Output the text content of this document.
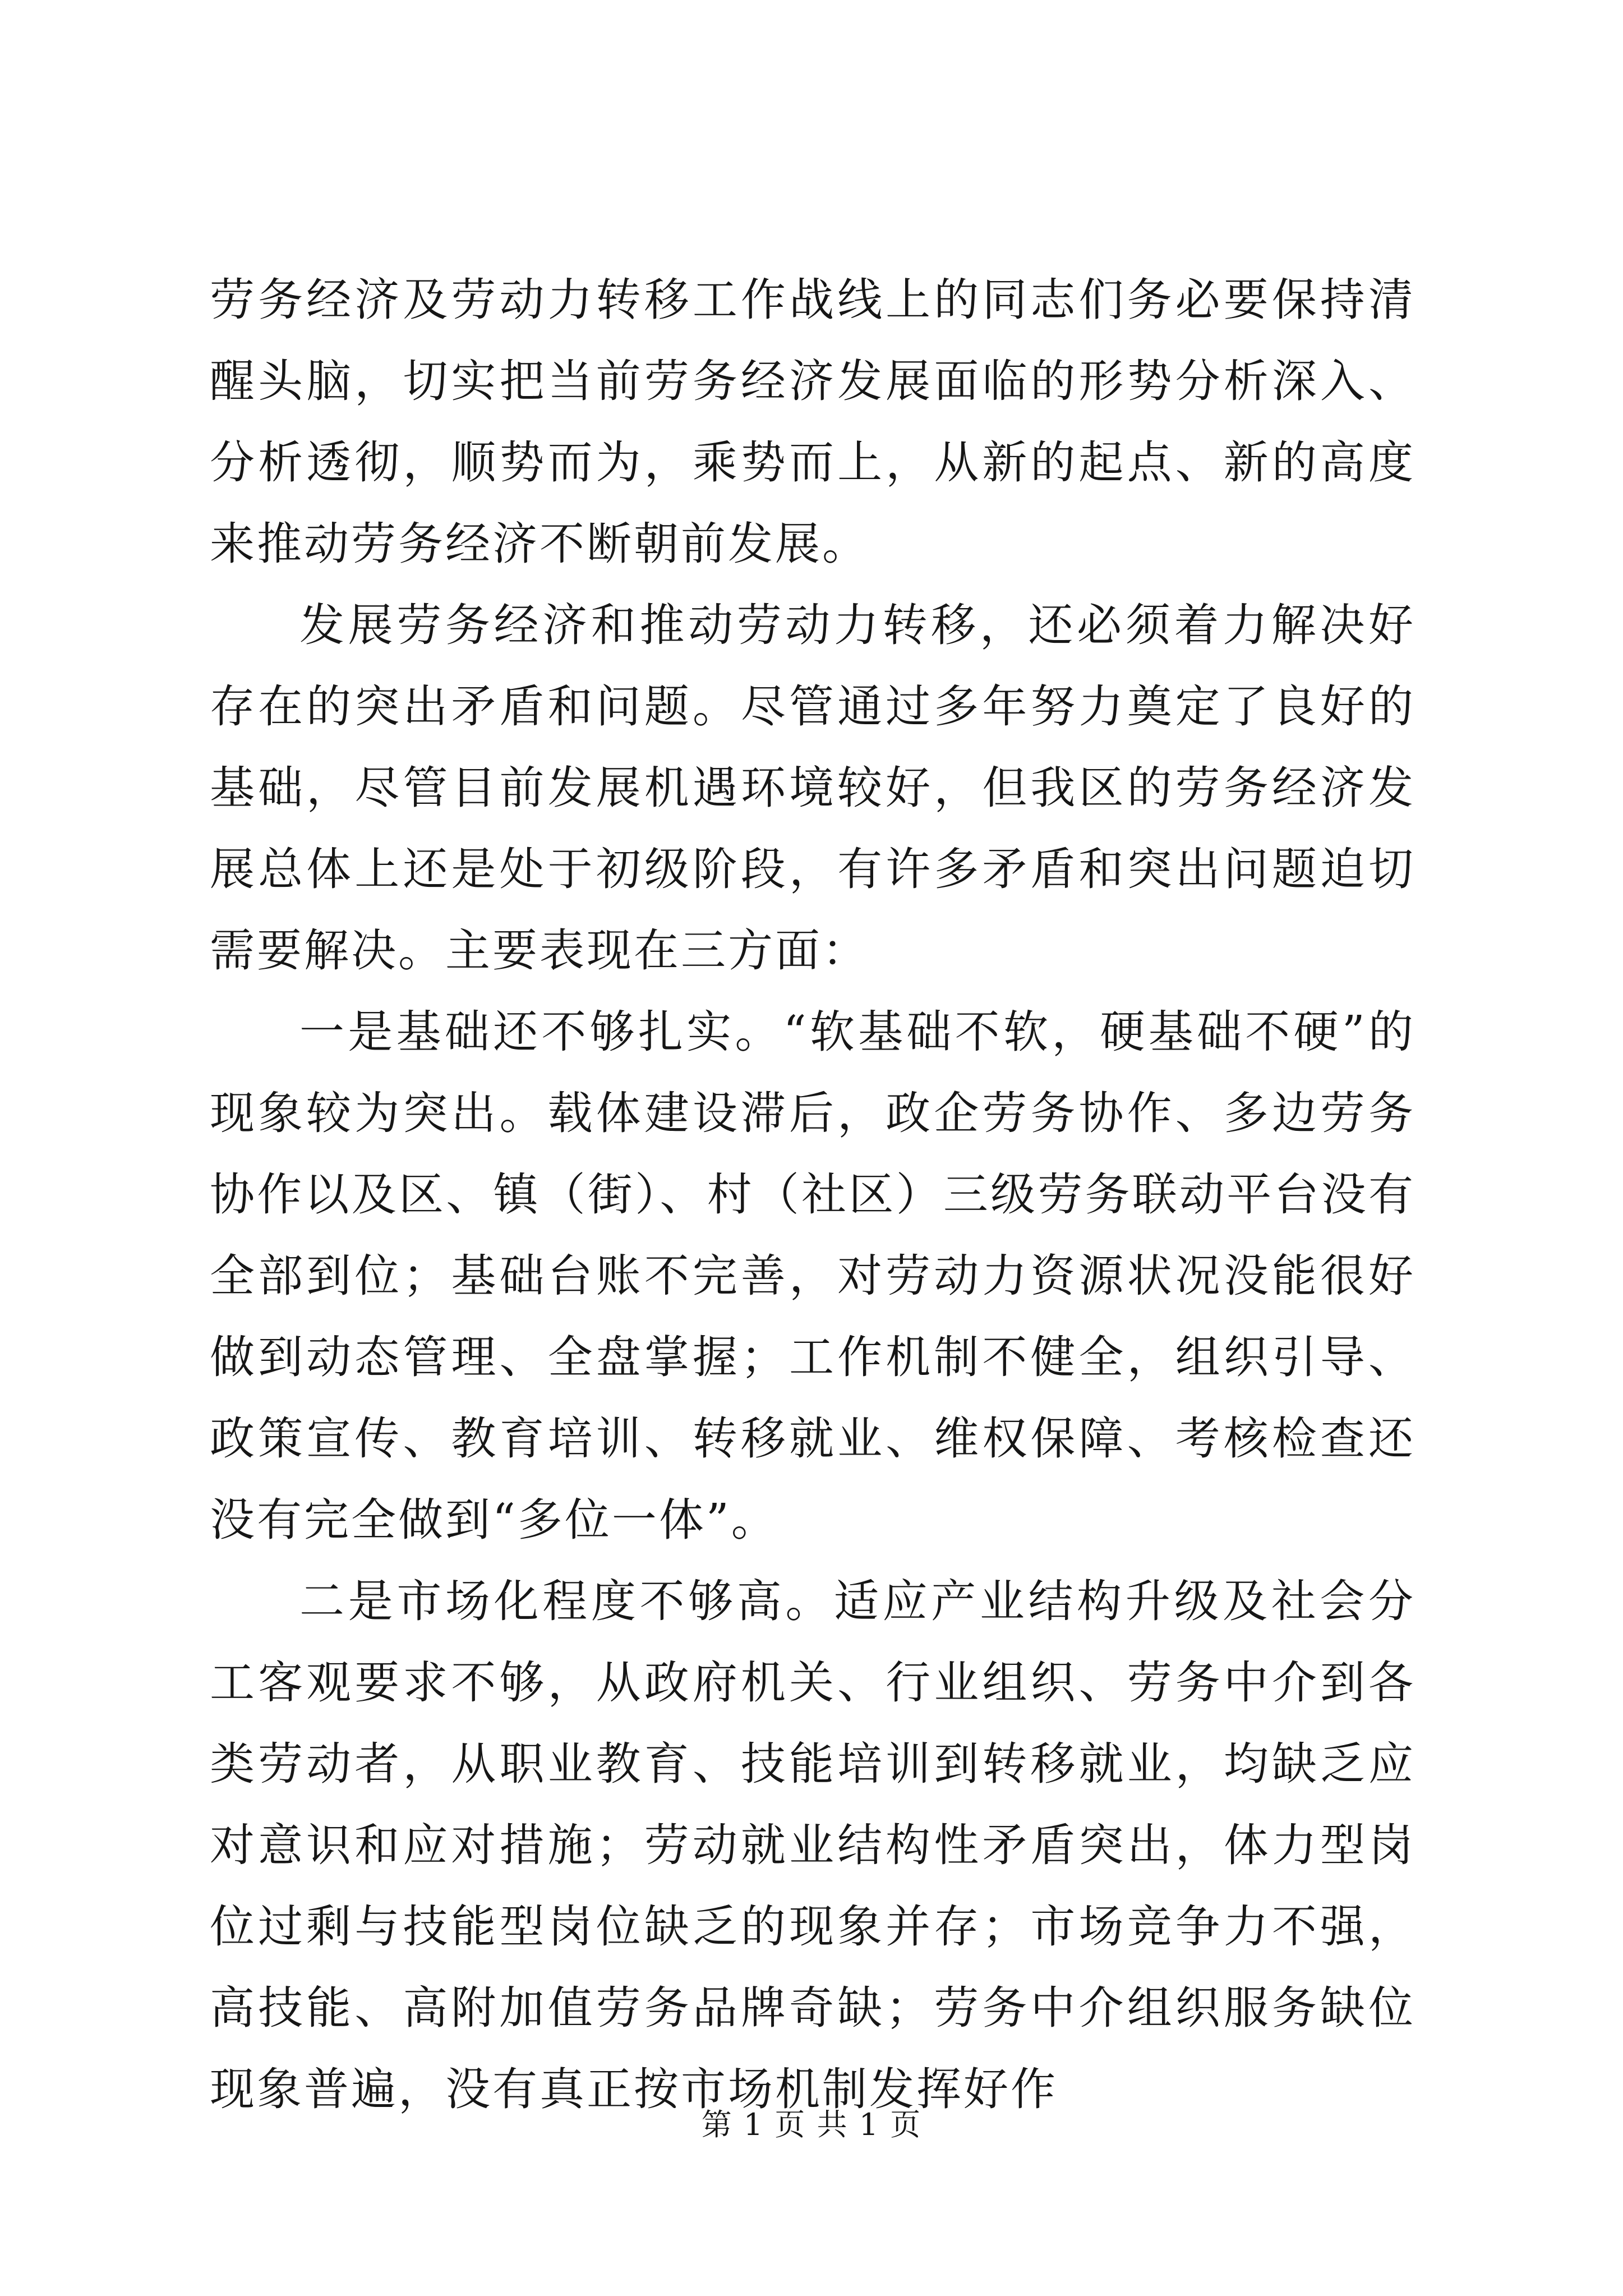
劳务经济及劳动力转移工作战线上的同志们务必要保持清醒头脑，切实把当前劳务经济发展面临的形势分析深入、分析透彻，顺势而为，乘势而上，从新的起点、新的高度来推动劳务经济不断朝前发展。

发展劳务经济和推动劳动力转移，还必须着力解决好存在的突出矛盾和问题。尽管通过多年努力奠定了良好的基础，尽管目前发展机遇环境较好，但我区的劳务经济发展总体上还是处于初级阶段，有许多矛盾和突出问题迫切需要解决。主要表现在三方面：

一是基础还不够扎实。“软基础不软，硬基础不硬”的现象较为突出。载体建设滞后，政企劳务协作、多边劳务协作以及区、镇（街）、村（社区）三级劳务联动平台没有全部到位；基础台账不完善，对劳动力资源状况没能很好做到动态管理、全盘掌握；工作机制不健全，组织引导、政策宣传、教育培训、转移就业、维权保障、考核检查还没有完全做到“多位一体”。

二是市场化程度不够高。适应产业结构升级及社会分工客观要求不够，从政府机关、行业组织、劳务中介到各类劳动者，从职业教育、技能培训到转移就业，均缺乏应对意识和应对措施；劳动就业结构性矛盾突出，体力型岗位过剩与技能型岗位缺乏的现象并存；市场竞争力不强，高技能、高附加值劳务品牌奇缺；劳务中介组织服务缺位现象普遍，没有真正按市场机制发挥好作

第 1 页 共 1 页
